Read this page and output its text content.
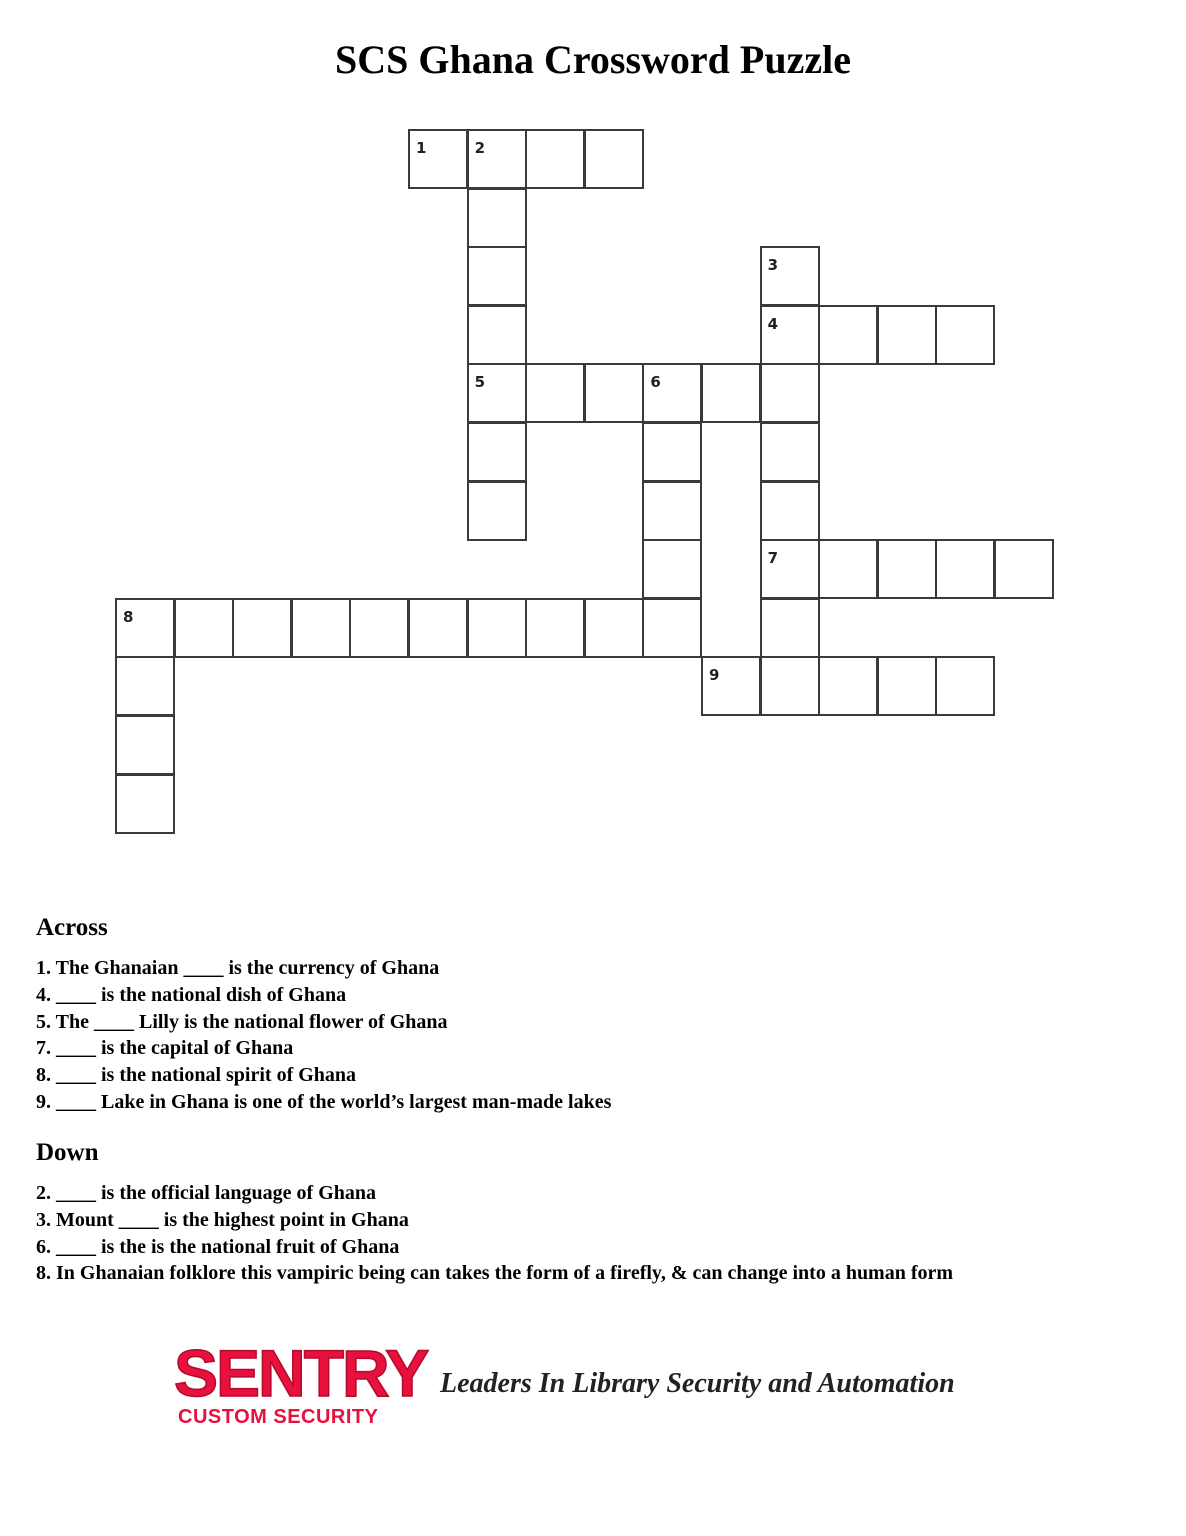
SCS Ghana Crossword Puzzle
1	2
5
3
4
7
6
8
9
Across
1. The Ghanaian ____ is the currency of Ghana
4. ____ is the national dish of Ghana
5. The ____ Lilly is the national flower of Ghana
7. ____ is the capital of Ghana
8. ____ is the national spirit of Ghana
9. ____ Lake in Ghana is one of the world’s largest man-made lakes
Down
2. ____ is the official language of Ghana
3. Mount ____ is the highest point in Ghana
6. ____ is the is the national fruit of Ghana
8. In Ghanaian folklore this vampiric being can takes the form of a firefly, & can change into a human form
SENTRY
CUSTOM SECURITY
Leaders In Library Security and Automation
